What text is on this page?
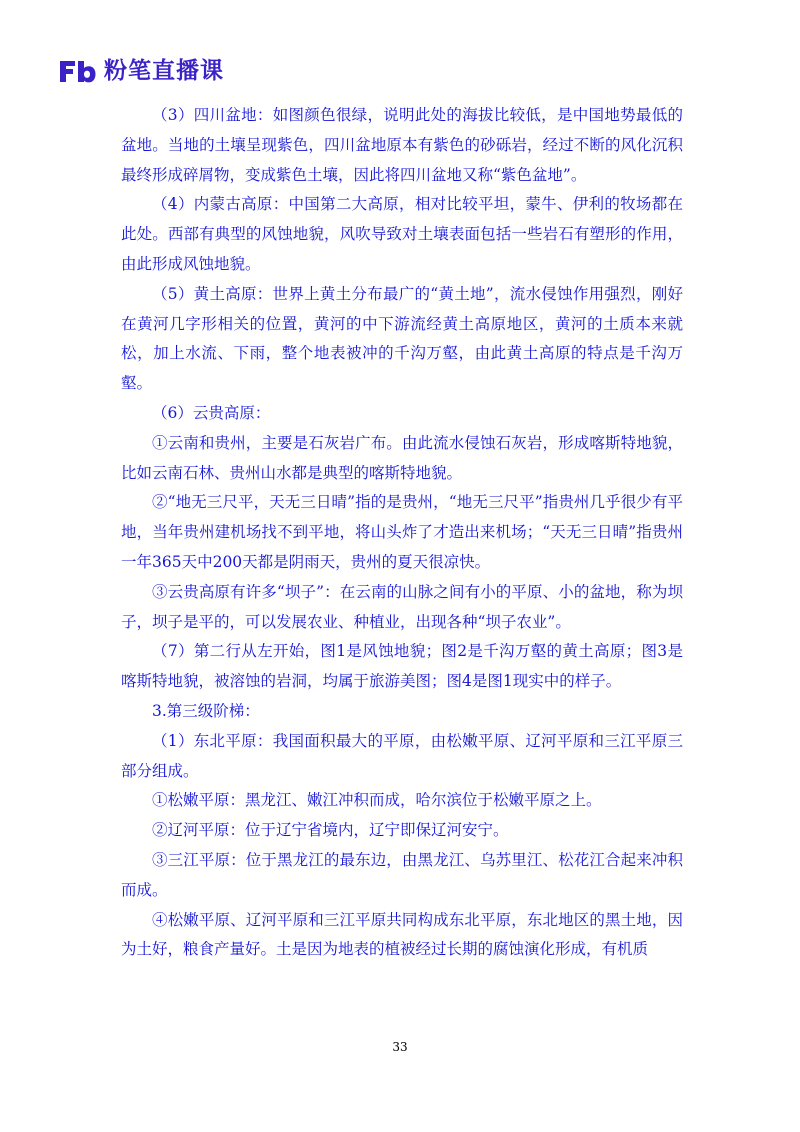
粉笔直播课

（3）四川盆地：如图颜色很绿，说明此处的海拔比较低，是中国地势最低的盆地。当地的土壤呈现紫色，四川盆地原本有紫色的砂砾岩，经过不断的风化沉积最终形成碎屑物，变成紫色土壤，因此将四川盆地又称“紫色盆地”。

（4）内蒙古高原：中国第二大高原，相对比较平坦，蒙牛、伊利的牧场都在此处。西部有典型的风蚀地貌，风吹导致对土壤表面包括一些岩石有塑形的作用，由此形成风蚀地貌。

（5）黄土高原：世界上黄土分布最广的“黄土地”，流水侵蚀作用强烈，刚好在黄河几字形相关的位置，黄河的中下游流经黄土高原地区，黄河的土质本来就松，加上水流、下雨，整个地表被冲的千沟万壑，由此黄土高原的特点是千沟万壑。

（6）云贵高原：

①云南和贵州，主要是石灰岩广布。由此流水侵蚀石灰岩，形成喀斯特地貌，比如云南石林、贵州山水都是典型的喀斯特地貌。

②“地无三尺平，天无三日晴”指的是贵州，“地无三尺平”指贵州几乎很少有平地，当年贵州建机场找不到平地，将山头炸了才造出来机场；“天无三日晴”指贵州一年365天中200天都是阴雨天，贵州的夏天很凉快。

③云贵高原有许多“坝子”：在云南的山脉之间有小的平原、小的盆地，称为坝子，坝子是平的，可以发展农业、种植业，出现各种“坝子农业”。

（7）第二行从左开始，图1是风蚀地貌；图2是千沟万壑的黄土高原；图3是喀斯特地貌，被溶蚀的岩洞，均属于旅游美图；图4是图1现实中的样子。

3.第三级阶梯：

（1）东北平原：我国面积最大的平原，由松嫩平原、辽河平原和三江平原三部分组成。

①松嫩平原：黑龙江、嫩江冲积而成，哈尔滨位于松嫩平原之上。

②辽河平原：位于辽宁省境内，辽宁即保辽河安宁。

③三江平原：位于黑龙江的最东边，由黑龙江、乌苏里江、松花江合起来冲积而成。

④松嫩平原、辽河平原和三江平原共同构成东北平原，东北地区的黑土地，因为土好，粮食产量好。土是因为地表的植被经过长期的腐蚀演化形成，有机质

33
